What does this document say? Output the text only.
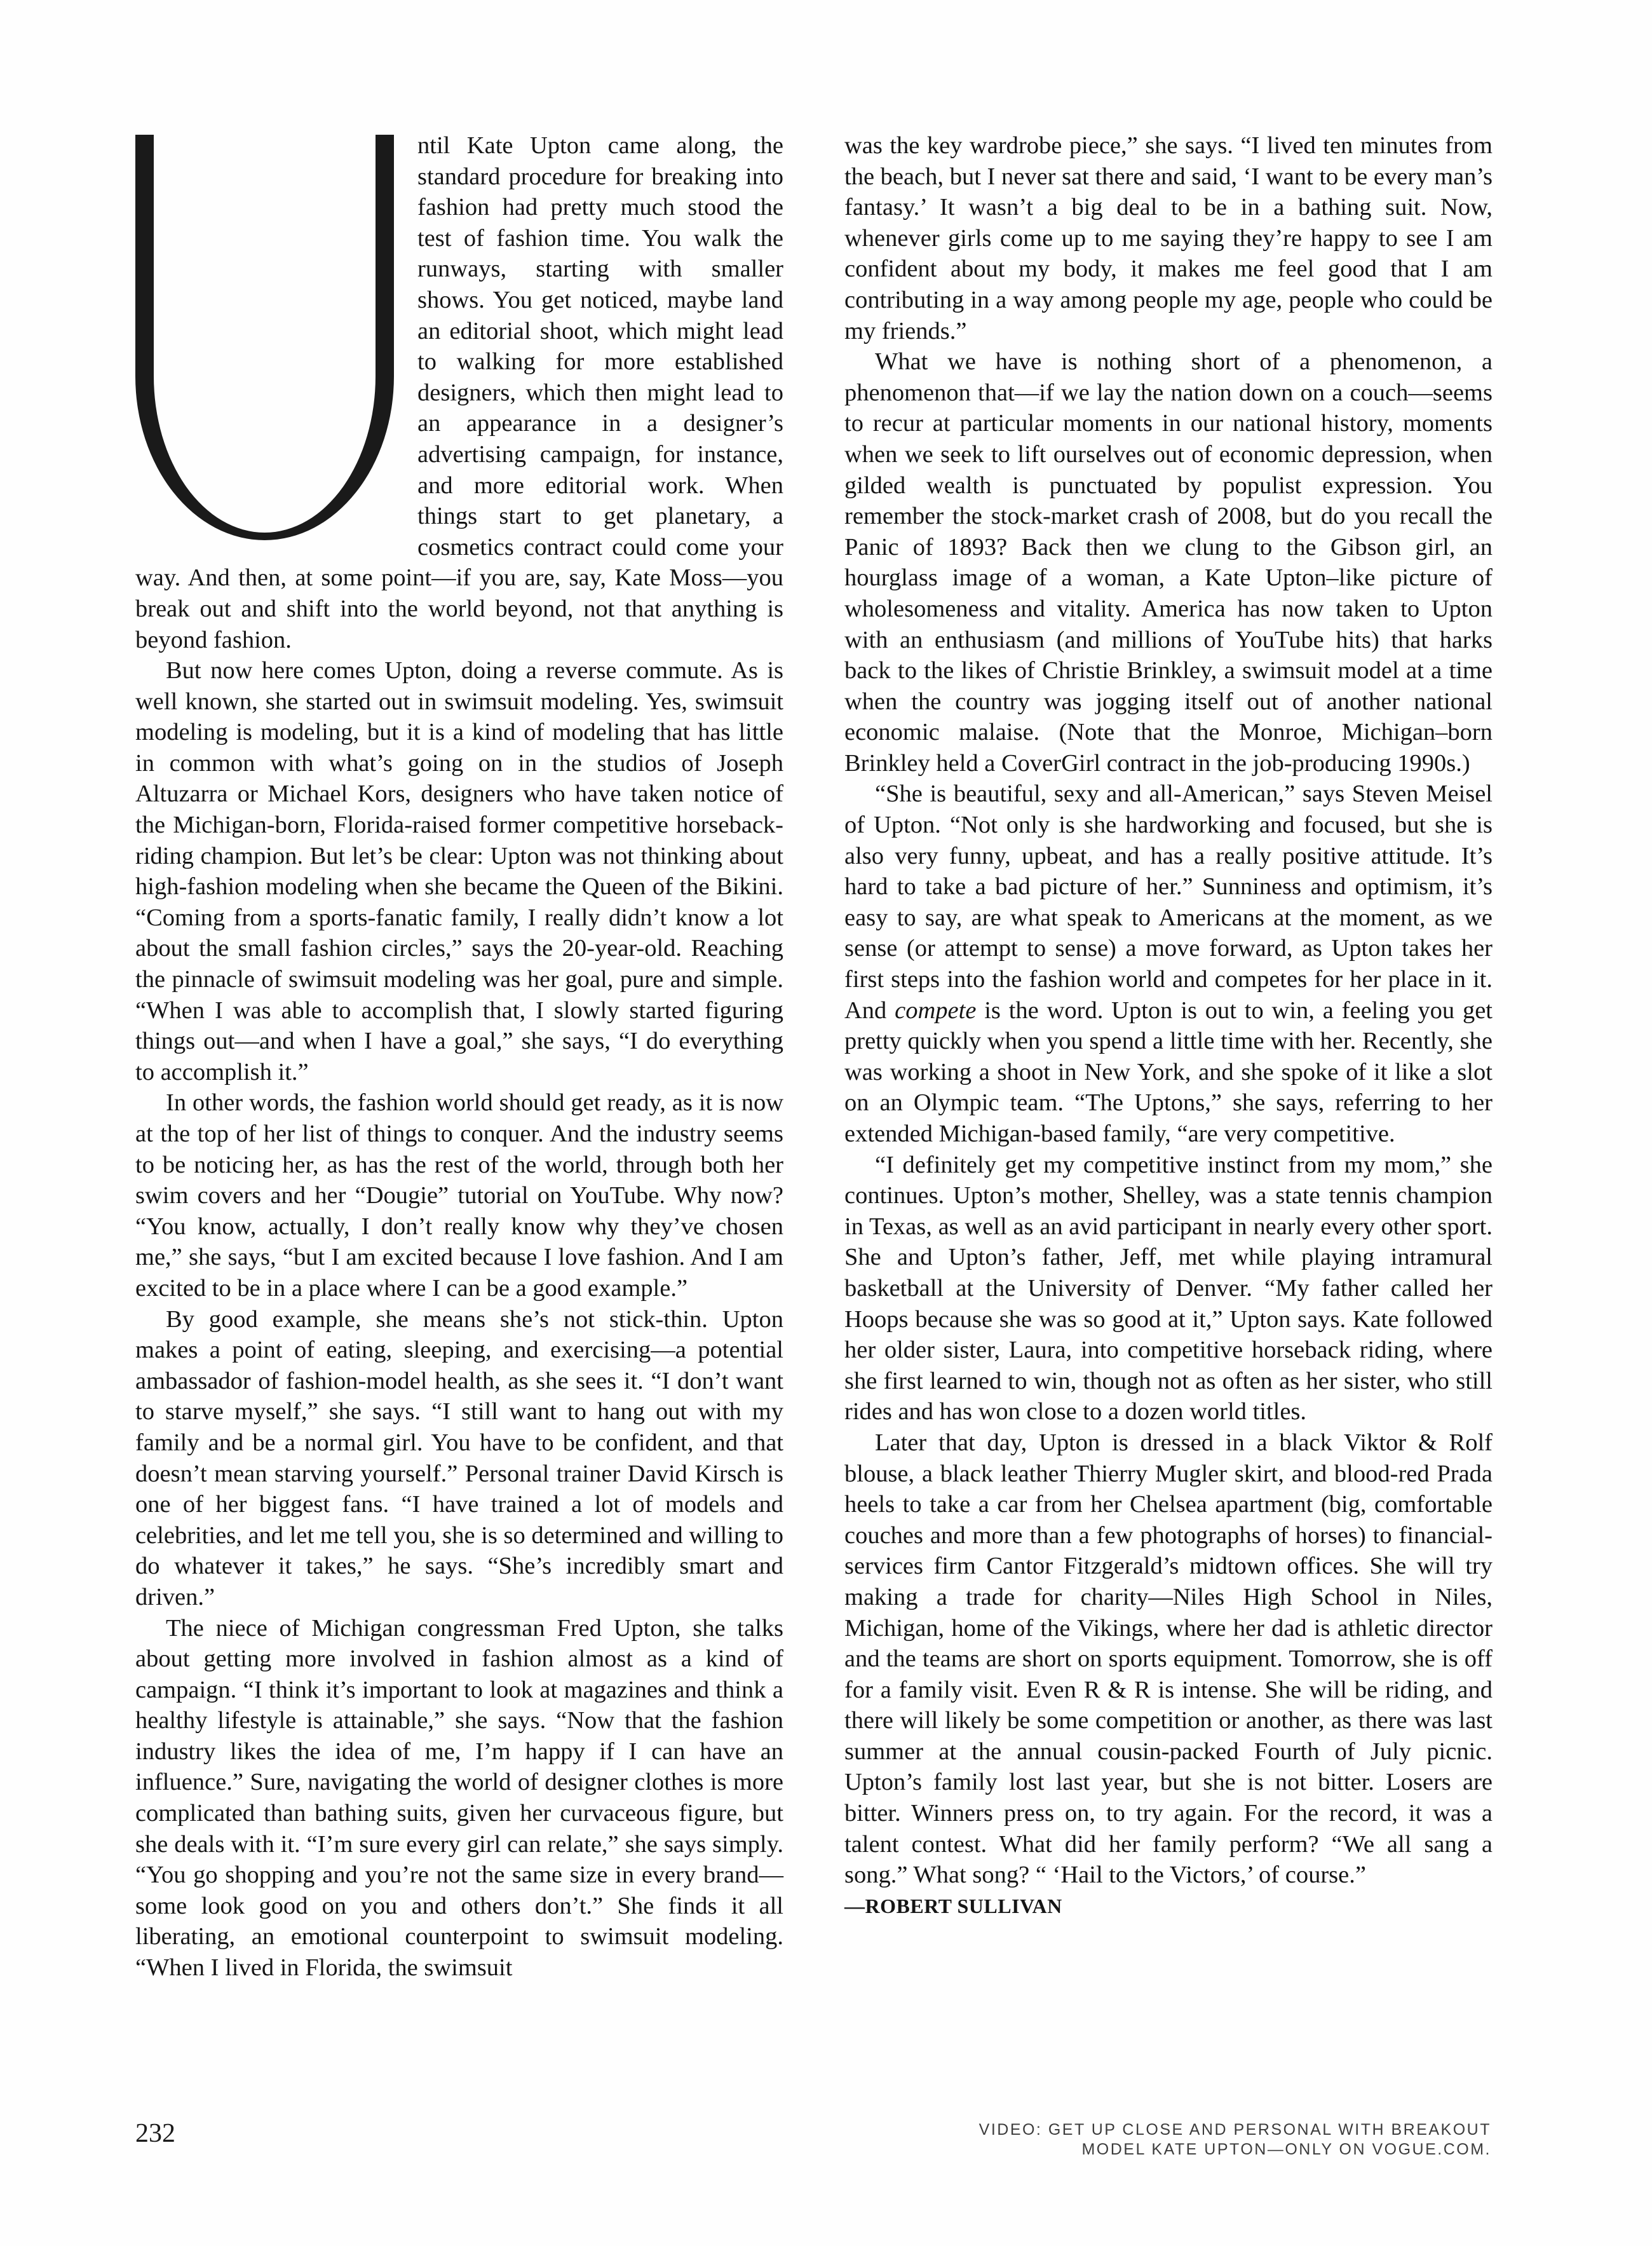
ntil Kate Upton came along, the standard procedure for breaking into fashion had pretty much stood the test of fashion time. You walk the runways, starting with smaller shows. You get noticed, maybe land an editorial shoot, which might lead to walking for more established designers, which then might lead to an appearance in a designer’s advertising campaign, for instance, and more editorial work. When things start to get planetary, a cosmetics contract could come your way. And then, at some point—if you are, say, Kate Moss—you break out and shift into the world beyond, not that anything is beyond fashion.

But now here comes Upton, doing a reverse commute. As is well known, she started out in swimsuit modeling. Yes, swimsuit modeling is modeling, but it is a kind of modeling that has little in common with what’s going on in the studios of Joseph Altuzarra or Michael Kors, designers who have taken notice of the Michigan-born, Florida-raised former competitive horseback-riding champion. But let’s be clear: Upton was not thinking about high-fashion modeling when she became the Queen of the Bikini. “Coming from a sports-fanatic family, I really didn’t know a lot about the small fashion circles,” says the 20-year-old. Reaching the pinnacle of swimsuit modeling was her goal, pure and simple. “When I was able to accomplish that, I slowly started figuring things out—and when I have a goal,” she says, “I do everything to accomplish it.”

In other words, the fashion world should get ready, as it is now at the top of her list of things to conquer. And the industry seems to be noticing her, as has the rest of the world, through both her swim covers and her “Dougie” tutorial on YouTube. Why now? “You know, actually, I don’t really know why they’ve chosen me,” she says, “but I am excited because I love fashion. And I am excited to be in a place where I can be a good example.”

By good example, she means she’s not stick-thin. Upton makes a point of eating, sleeping, and exercising—a potential ambassador of fashion-model health, as she sees it. “I don’t want to starve myself,” she says. “I still want to hang out with my family and be a normal girl. You have to be confident, and that doesn’t mean starving yourself.” Personal trainer David Kirsch is one of her biggest fans. “I have trained a lot of models and celebrities, and let me tell you, she is so determined and willing to do whatever it takes,” he says. “She’s incredibly smart and driven.”

The niece of Michigan congressman Fred Upton, she talks about getting more involved in fashion almost as a kind of campaign. “I think it’s important to look at magazines and think a healthy lifestyle is attainable,” she says. “Now that the fashion industry likes the idea of me, I’m happy if I can have an influence.” Sure, navigating the world of designer clothes is more complicated than bathing suits, given her curvaceous figure, but she deals with it. “I’m sure every girl can relate,” she says simply. “You go shopping and you’re not the same size in every brand—some look good on you and others don’t.” She finds it all liberating, an emotional counterpoint to swimsuit modeling. “When I lived in Florida, the swimsuit

was the key wardrobe piece,” she says. “I lived ten minutes from the beach, but I never sat there and said, ‘I want to be every man’s fantasy.’ It wasn’t a big deal to be in a bathing suit. Now, whenever girls come up to me saying they’re happy to see I am confident about my body, it makes me feel good that I am contributing in a way among people my age, people who could be my friends.”

What we have is nothing short of a phenomenon, a phenomenon that—if we lay the nation down on a couch—seems to recur at particular moments in our national history, moments when we seek to lift ourselves out of economic depression, when gilded wealth is punctuated by populist expression. You remember the stock-market crash of 2008, but do you recall the Panic of 1893? Back then we clung to the Gibson girl, an hourglass image of a woman, a Kate Upton–like picture of wholesomeness and vitality. America has now taken to Upton with an enthusiasm (and millions of YouTube hits) that harks back to the likes of Christie Brinkley, a swimsuit model at a time when the country was jogging itself out of another national economic malaise. (Note that the Monroe, Michigan–born Brinkley held a CoverGirl contract in the job-producing 1990s.)

“She is beautiful, sexy and all-American,” says Steven Meisel of Upton. “Not only is she hardworking and focused, but she is also very funny, upbeat, and has a really positive attitude. It’s hard to take a bad picture of her.” Sunniness and optimism, it’s easy to say, are what speak to Americans at the moment, as we sense (or attempt to sense) a move forward, as Upton takes her first steps into the fashion world and competes for her place in it. And compete is the word. Upton is out to win, a feeling you get pretty quickly when you spend a little time with her. Recently, she was working a shoot in New York, and she spoke of it like a slot on an Olympic team. “The Uptons,” she says, referring to her extended Michigan-based family, “are very competitive.

“I definitely get my competitive instinct from my mom,” she continues. Upton’s mother, Shelley, was a state tennis champion in Texas, as well as an avid participant in nearly every other sport. She and Upton’s father, Jeff, met while playing intramural basketball at the University of Denver. “My father called her Hoops because she was so good at it,” Upton says. Kate followed her older sister, Laura, into competitive horseback riding, where she first learned to win, though not as often as her sister, who still rides and has won close to a dozen world titles.

Later that day, Upton is dressed in a black Viktor & Rolf blouse, a black leather Thierry Mugler skirt, and blood-red Prada heels to take a car from her Chelsea apartment (big, comfortable couches and more than a few photographs of horses) to financial-services firm Cantor Fitzgerald’s midtown offices. She will try making a trade for charity—Niles High School in Niles, Michigan, home of the Vikings, where her dad is athletic director and the teams are short on sports equipment. Tomorrow, she is off for a family visit. Even R & R is intense. She will be riding, and there will likely be some competition or another, as there was last summer at the annual cousin-packed Fourth of July picnic. Upton’s family lost last year, but she is not bitter. Losers are bitter. Winners press on, to try again. For the record, it was a talent contest. What did her family perform? “We all sang a song.” What song? “ ‘Hail to the Victors,’ of course.”

—ROBERT SULLIVAN

232	VIDEO: GET UP CLOSE AND PERSONAL WITH BREAKOUT
MODEL KATE UPTON—ONLY ON VOGUE.COM.
